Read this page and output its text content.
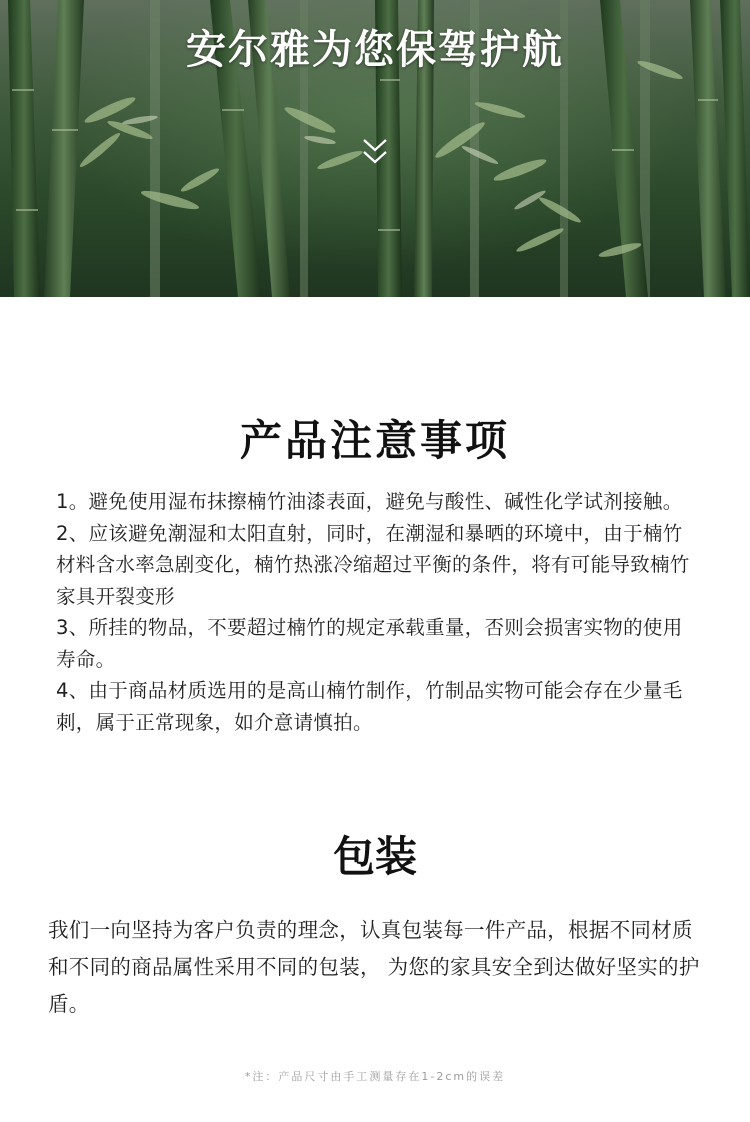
安尔雅为您保驾护航
产品注意事项

1。避免使用湿布抹擦楠竹油漆表面，避免与酸性、碱性化学试剂接触。

2、应该避免潮湿和太阳直射，同时，在潮湿和暴晒的环境中，由于楠竹材料含水率急剧变化，楠竹热涨冷缩超过平衡的条件，将有可能导致楠竹家具开裂变形

3、所挂的物品，不要超过楠竹的规定承载重量，否则会损害实物的使用寿命。

4、由于商品材质选用的是高山楠竹制作，竹制品实物可能会存在少量毛刺，属于正常现象，如介意请慎拍。

包装

我们一向坚持为客户负责的理念，认真包装每一件产品，根据不同材质和不同的商品属性采用不同的包装， 为您的家具安全到达做好坚实的护盾。

*注：产品尺寸由手工测量存在1-2cm的误差
